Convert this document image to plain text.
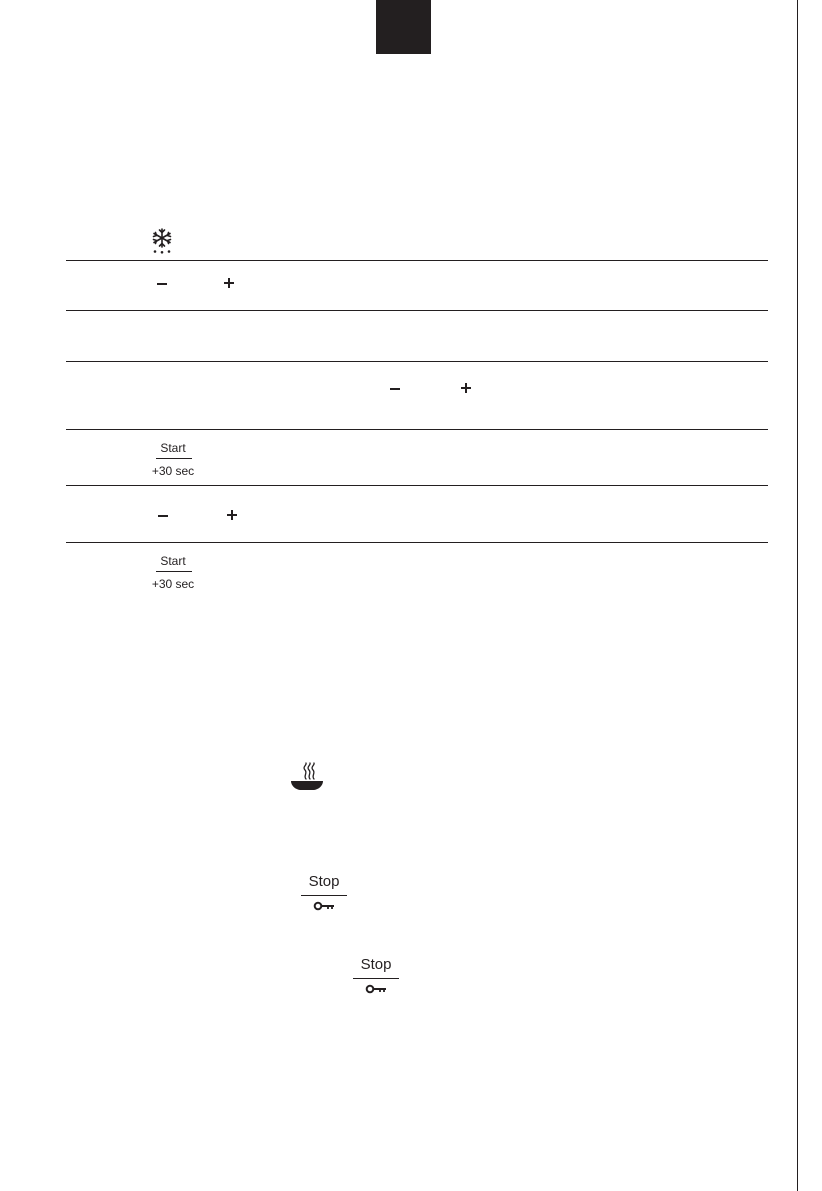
Start
+30 sec
Start
+30 sec
Stop
Stop
